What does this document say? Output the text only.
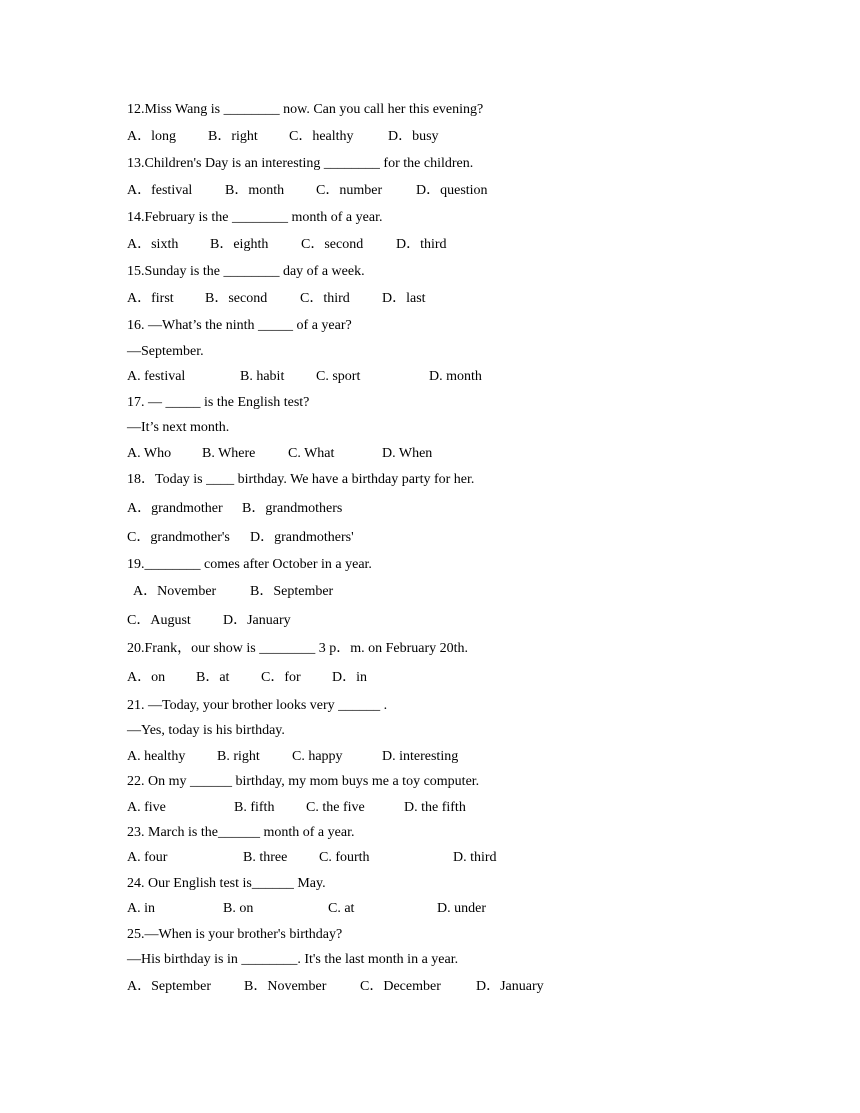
12.Miss Wang is ________ now. Can you call her this evening?
A．long B．right C．healthy D．busy
13.Children's Day is an interesting ________ for the children.
A．festival B．month C．number D．question
14.February is the ________ month of a year.
A．sixth B．eighth C．second D．third
15.Sunday is the ________ day of a week.
A．first B．second C．third D．last
16. —What’s the ninth _____ of a year?
—September.
A. festival	B. habit C. sport	D. month
17. — _____ is the English test?
—It’s next month.
A. Who B. Where C. What	D. When
18．Today is ____ birthday. We have a birthday party for her.
A．grandmother B．grandmothers
C．grandmother's D．grandmothers'
19.________ comes after October in a year.
A．November B．September
C．August D．January
20.Frank，our show is ________ 3 p．m. on February 20th.
A．on B．at C．for D．in
21. —Today, your brother looks very ______ .
—Yes, today is his birthday.
A. healthy B. right C. happy	D. interesting
22. On my ______ birthday, my mom buys me a toy computer.
A. five	B. fifth C. the five	D. the fifth
23. March is the______ month of a year.
A. four	B. three C. fourth	D. third
24. Our English test is______ May.
A. in	B. on	C. at	D. under
25.—When is your brother's birthday?
—His birthday is in ________. It's the last month in a year.
A．September B．November C．December	D．January
